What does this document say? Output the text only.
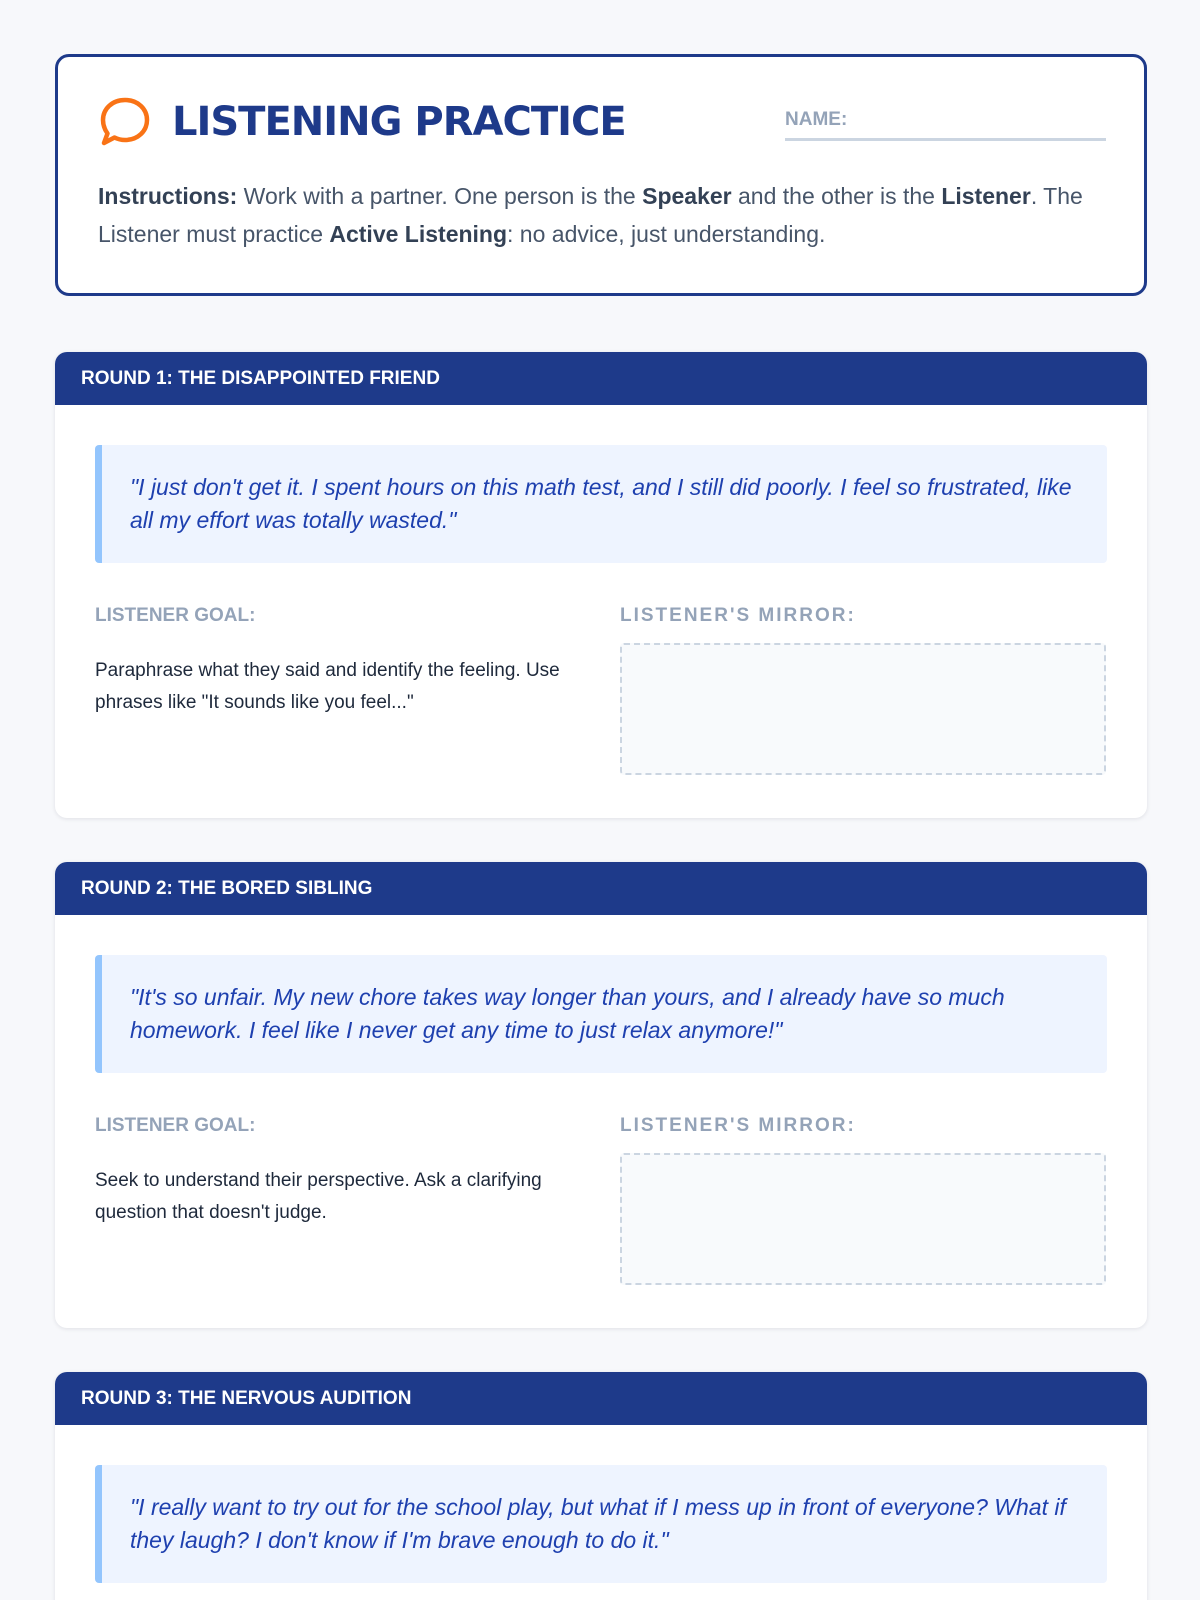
LISTENING PRACTICE	NAME:

Instructions: Work with a partner. One person is the Speaker and the other is the Listener. The Listener must practice Active Listening: no advice, just understanding.

ROUND 1: THE DISAPPOINTED FRIEND
"I just don't get it. I spent hours on this math test, and I still did poorly. I feel so frustrated, like all my effort was totally wasted."
LISTENER GOAL:
Paraphrase what they said and identify the feeling. Use phrases like "It sounds like you feel..."
LISTENER'S MIRROR:
ROUND 2: THE BORED SIBLING
"It's so unfair. My new chore takes way longer than yours, and I already have so much homework. I feel like I never get any time to just relax anymore!"
LISTENER GOAL:
Seek to understand their perspective. Ask a clarifying question that doesn't judge.
LISTENER'S MIRROR:
ROUND 3: THE NERVOUS AUDITION
"I really want to try out for the school play, but what if I mess up in front of everyone? What if they laugh? I don't know if I'm brave enough to do it."
